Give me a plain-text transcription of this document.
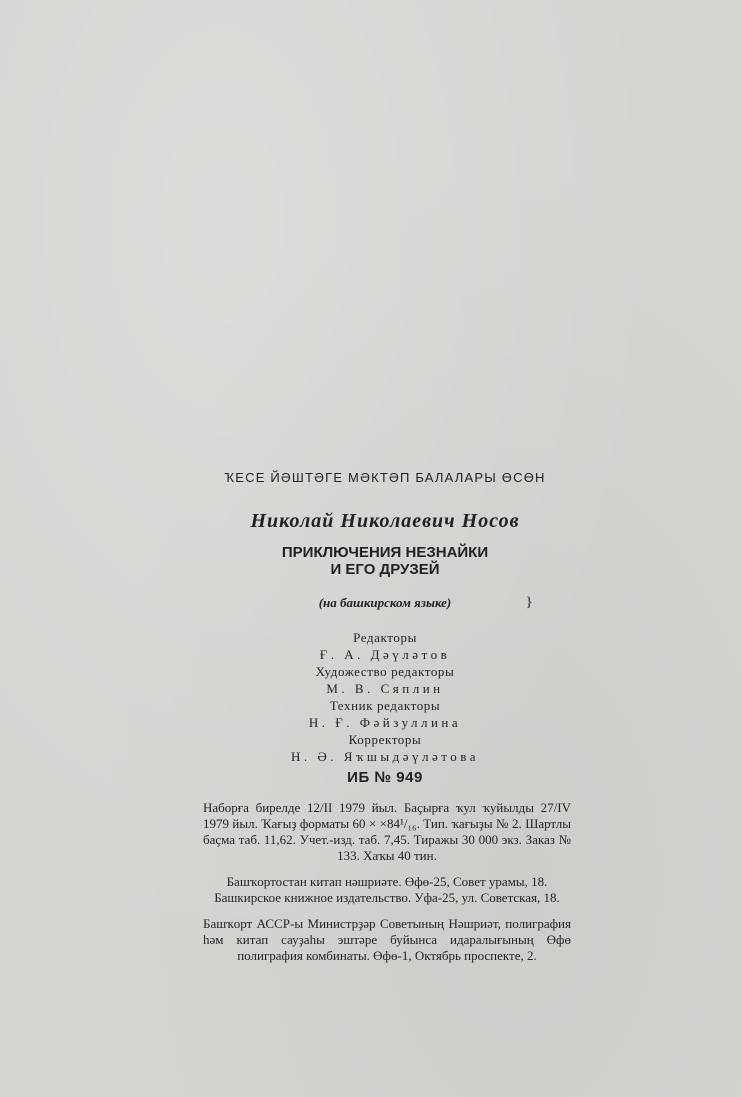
ҠЕСЕ ЙӘШТӘГЕ МӘКТӘП БАЛАЛАРЫ ӨСӨН
Николай Николаевич Носов
ПРИКЛЮЧЕНИЯ НЕЗНАЙКИ
И ЕГО ДРУЗЕЙ
(на башкирском языке)	}
Редакторы
Ғ. А. Дәүләтов
Художество редакторы
М. В. Сяплин
Техник редакторы
Н. Ғ. Фәйзуллина
Корректоры
Н. Ә. Яҡшыдәүләтова
ИБ № 949

Наборға бирелде 12/II 1979 йыл. Баҫырға ҡул ҡуйылды 27/IV 1979 йыл. Ҡағыҙ форматы 60 × ×84¹/₁₆. Тип. ҡағыҙы № 2. Шартлы баҫма таб. 11,62. Учет.-изд. таб. 7,45. Тиражы 30 000 экз. Заказ № 133. Хаҡы 40 тин.

Башҡортостан китап нәшриәте. Өфө-25, Совет урамы, 18.

Башкирское книжное издательство. Уфа-25, ул. Советская, 18.

Башҡорт АССР-ы Министрҙәр Советының Нәшриәт, полиграфия һәм китап сауҙаһы эштәре буйынса идаралығының Өфө полиграфия комбинаты. Өфө-1, Октябрь проспекте, 2.
